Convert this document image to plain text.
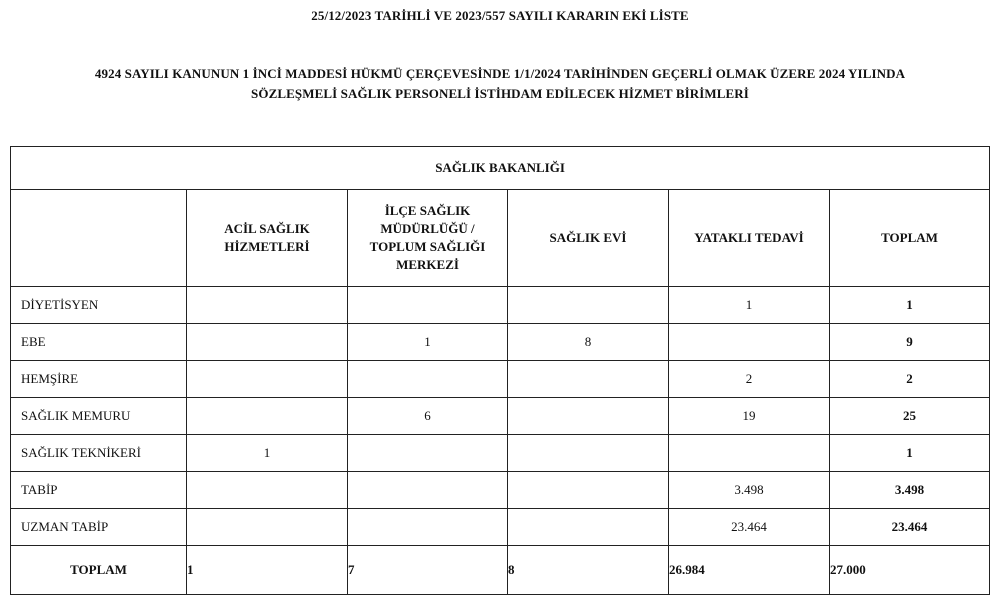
25/12/2023 TARİHLİ VE 2023/557 SAYILI KARARIN EKİ LİSTE
4924 SAYILI KANUNUN 1 İNCİ MADDESİ HÜKMÜ ÇERÇEVESİNDE 1/1/2024 TARİHİNDEN GEÇERLİ OLMAK ÜZERE 2024 YILINDA
SÖZLEŞMELİ SAĞLIK PERSONELİ İSTİHDAM EDİLECEK HİZMET BİRİMLERİ
SAĞLIK BAKANLIĞI					
	ACİL SAĞLIK
HİZMETLERİ	İLÇE SAĞLIK
MÜDÜRLÜĞÜ /
TOPLUM SAĞLIĞI
MERKEZİ	SAĞLIK EVİ	YATAKLI TEDAVİ	TOPLAM
DİYETİSYEN				1	1
EBE		1	8		9
HEMŞİRE				2	2
SAĞLIK MEMURU		6		19	25
SAĞLIK TEKNİKERİ	1				1
TABİP				3.498	3.498
UZMAN TABİP				23.464	23.464
TOPLAM	1	7	8	26.984	27.000
